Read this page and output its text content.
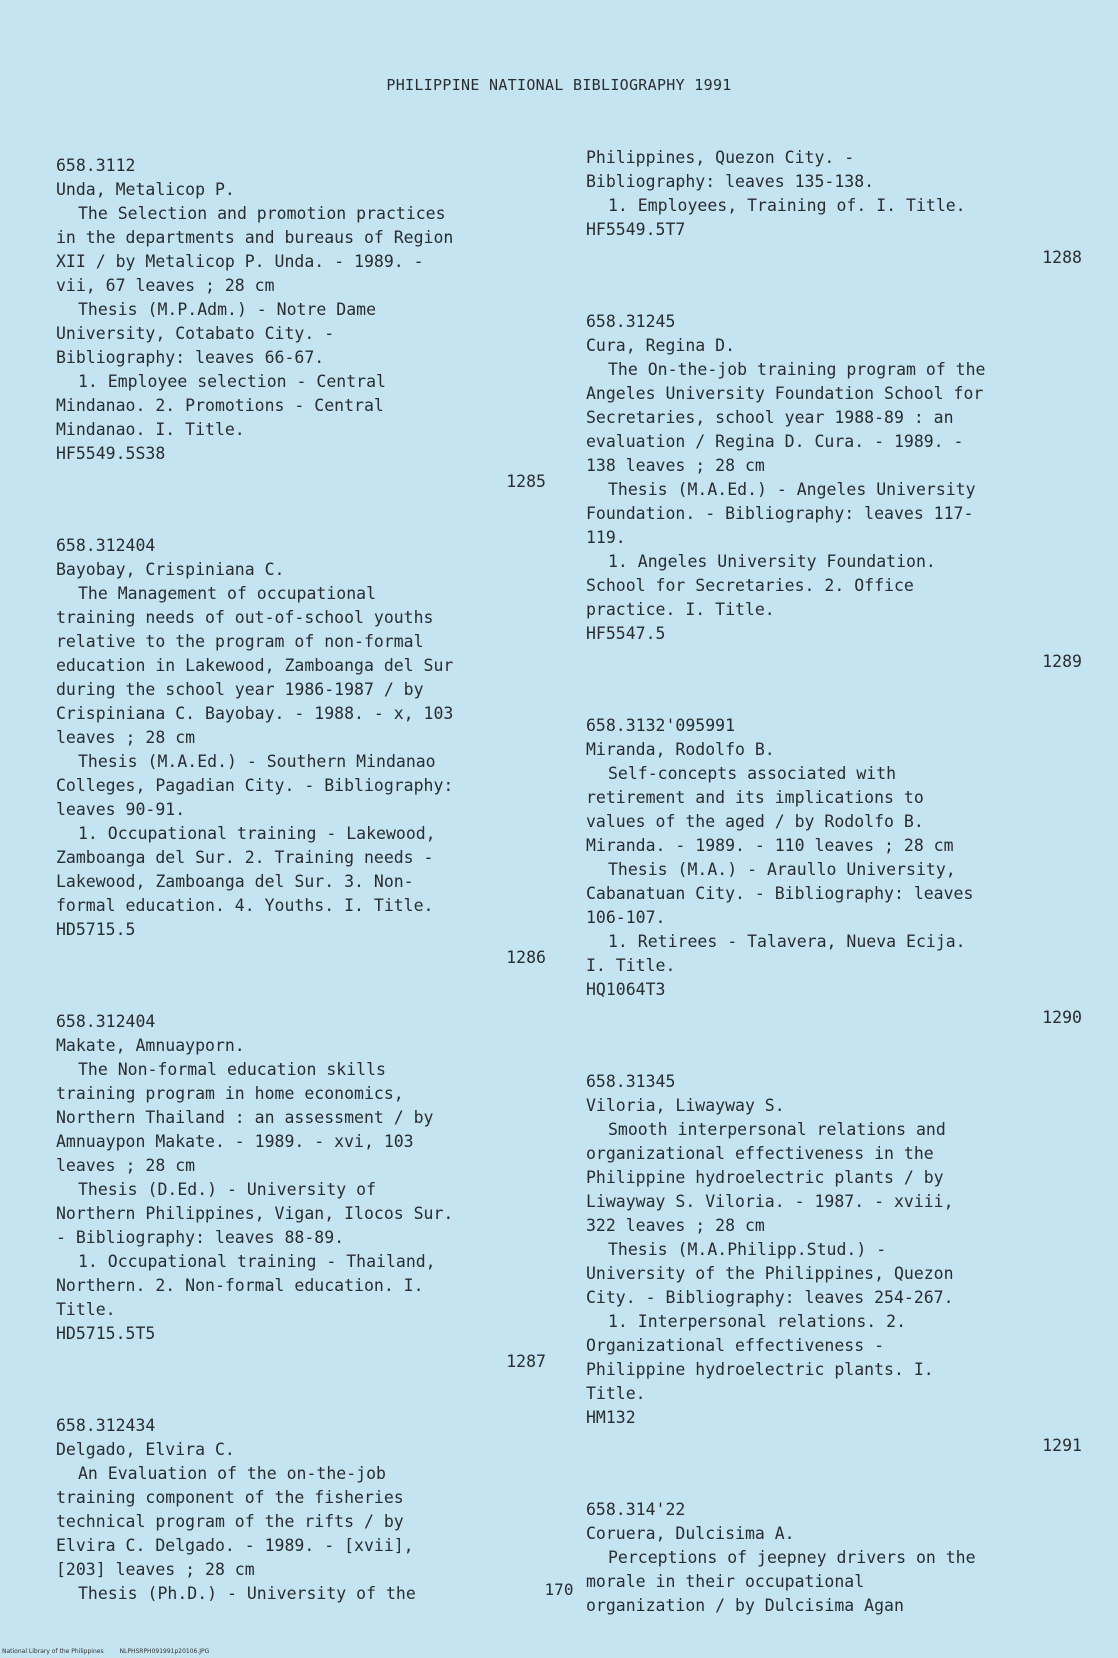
PHILIPPINE NATIONAL BIBLIOGRAPHY 1991
658.3112
Unda, Metalicop P.
The Selection and promotion practices
in the departments and bureaus of Region
XII / by Metalicop P. Unda. - 1989. -
vii, 67 leaves ; 28 cm
Thesis (M.P.Adm.) - Notre Dame
University, Cotabato City. -
Bibliography: leaves 66-67.
1. Employee selection - Central
Mindanao. 2. Promotions - Central
Mindanao. I. Title.
HF5549.5S38
1285
658.312404
Bayobay, Crispiniana C.
The Management of occupational
training needs of out-of-school youths
relative to the program of non-formal
education in Lakewood, Zamboanga del Sur
during the school year 1986-1987 / by
Crispiniana C. Bayobay. - 1988. - x, 103
leaves ; 28 cm
Thesis (M.A.Ed.) - Southern Mindanao
Colleges, Pagadian City. - Bibliography:
leaves 90-91.
1. Occupational training - Lakewood,
Zamboanga del Sur. 2. Training needs -
Lakewood, Zamboanga del Sur. 3. Non-
formal education. 4. Youths. I. Title.
HD5715.5
1286
658.312404
Makate, Amnuayporn.
The Non-formal education skills
training program in home economics,
Northern Thailand : an assessment / by
Amnuaypon Makate. - 1989. - xvi, 103
leaves ; 28 cm
Thesis (D.Ed.) - University of
Northern Philippines, Vigan, Ilocos Sur.
- Bibliography: leaves 88-89.
1. Occupational training - Thailand,
Northern. 2. Non-formal education. I.
Title.
HD5715.5T5
1287
658.312434
Delgado, Elvira C.
An Evaluation of the on-the-job
training component of the fisheries
technical program of the rifts / by
Elvira C. Delgado. - 1989. - [xvii],
[203] leaves ; 28 cm
Thesis (Ph.D.) - University of the
Philippines, Quezon City. -
Bibliography: leaves 135-138.
1. Employees, Training of. I. Title.
HF5549.5T7
1288
658.31245
Cura, Regina D.
The On-the-job training program of the
Angeles University Foundation School for
Secretaries, school year 1988-89 : an
evaluation / Regina D. Cura. - 1989. -
138 leaves ; 28 cm
Thesis (M.A.Ed.) - Angeles University
Foundation. - Bibliography: leaves 117-
119.
1. Angeles University Foundation.
School for Secretaries. 2. Office
practice. I. Title.
HF5547.5
1289
658.3132'095991
Miranda, Rodolfo B.
Self-concepts associated with
retirement and its implications to
values of the aged / by Rodolfo B.
Miranda. - 1989. - 110 leaves ; 28 cm
Thesis (M.A.) - Araullo University,
Cabanatuan City. - Bibliography: leaves
106-107.
1. Retirees - Talavera, Nueva Ecija.
I. Title.
HQ1064T3
1290
658.31345
Viloria, Liwayway S.
Smooth interpersonal relations and
organizational effectiveness in the
Philippine hydroelectric plants / by
Liwayway S. Viloria. - 1987. - xviii,
322 leaves ; 28 cm
Thesis (M.A.Philipp.Stud.) -
University of the Philippines, Quezon
City. - Bibliography: leaves 254-267.
1. Interpersonal relations. 2.
Organizational effectiveness -
Philippine hydroelectric plants. I.
Title.
HM132
1291
658.314'22
Coruera, Dulcisima A.
Perceptions of jeepney drivers on the
morale in their occupational
organization / by Dulcisima Agan
170
National Library of the Philippines	NLPHSRPH091991p20106.JPG
